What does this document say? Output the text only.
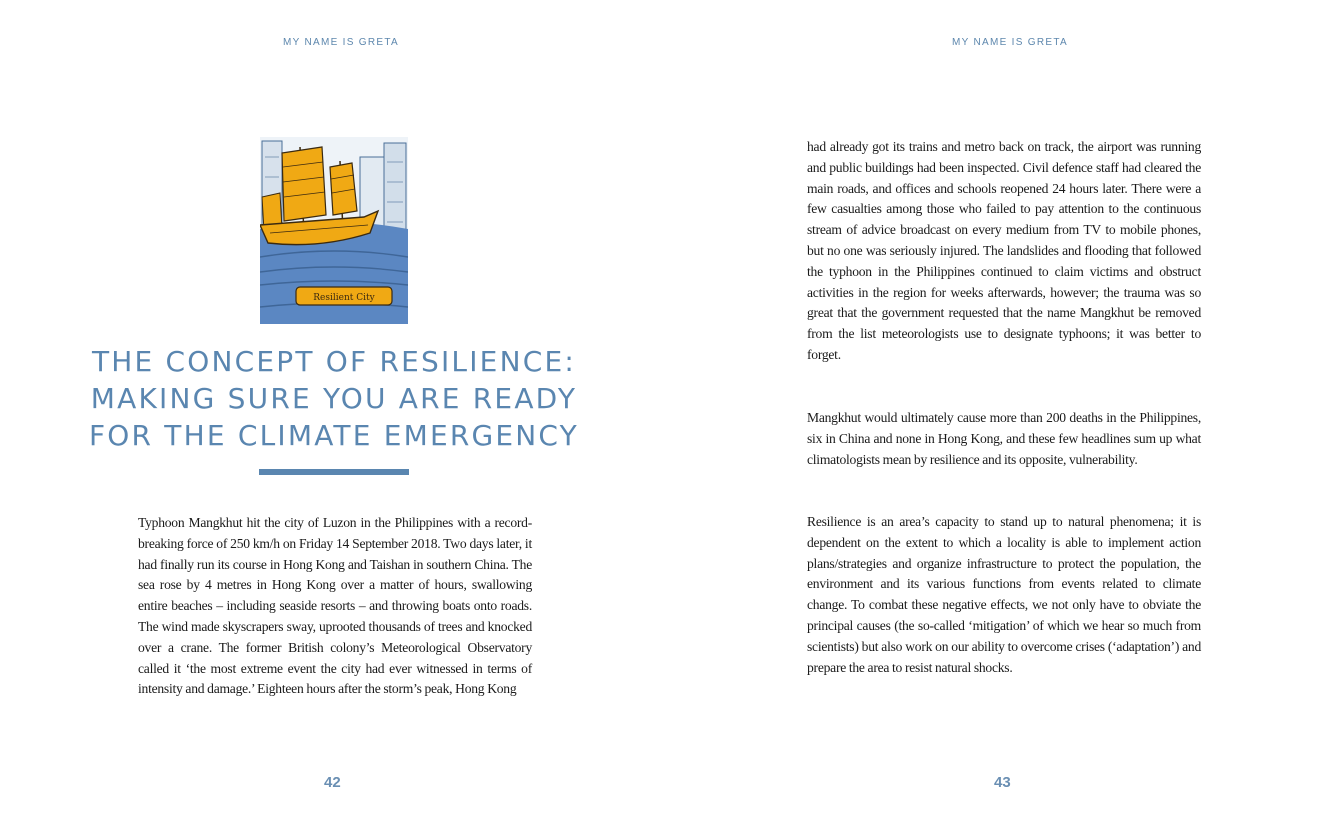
MY NAME IS GRETA
Resilient City
THE CONCEPT OF RESILIENCE: MAKING SURE YOU ARE READY FOR THE CLIMATE EMERGENCY

Typhoon Mangkhut hit the city of Luzon in the Philippines with a record-breaking force of 250 km/h on Friday 14 September 2018. Two days later, it had finally run its course in Hong Kong and Taishan in southern China. The sea rose by 4 metres in Hong Kong over a matter of hours, swallowing entire beaches – including seaside resorts – and throwing boats onto roads. The wind made skyscrapers sway, uprooted thousands of trees and knocked over a crane. The former British colony’s Meteorological Observatory called it ‘the most extreme event the city had ever witnessed in terms of intensity and damage.’ Eighteen hours after the storm’s peak, Hong Kong

42
MY NAME IS GRETA

had already got its trains and metro back on track, the airport was running and public buildings had been inspected. Civil defence staff had cleared the main roads, and offices and schools reopened 24 hours later. There were a few casualties among those who failed to pay attention to the continuous stream of advice broadcast on every medium from TV to mobile phones, but no one was seriously injured. The landslides and flooding that followed the typhoon in the Philippines continued to claim victims and obstruct activities in the region for weeks afterwards, however; the trauma was so great that the government requested that the name Mangkhut be removed from the list meteorologists use to designate typhoons; it was better to forget.

Mangkhut would ultimately cause more than 200 deaths in the Philippines, six in China and none in Hong Kong, and these few headlines sum up what climatologists mean by resilience and its opposite, vulnerability.

Resilience is an area’s capacity to stand up to natural phenomena; it is dependent on the extent to which a locality is able to implement action plans/strategies and organize infrastructure to protect the population, the environment and its various functions from events related to climate change. To combat these negative effects, we not only have to obviate the principal causes (the so-called ‘mitigation’ of which we hear so much from scientists) but also work on our ability to overcome crises (‘adaptation’) and prepare the area to resist natural shocks.

43
